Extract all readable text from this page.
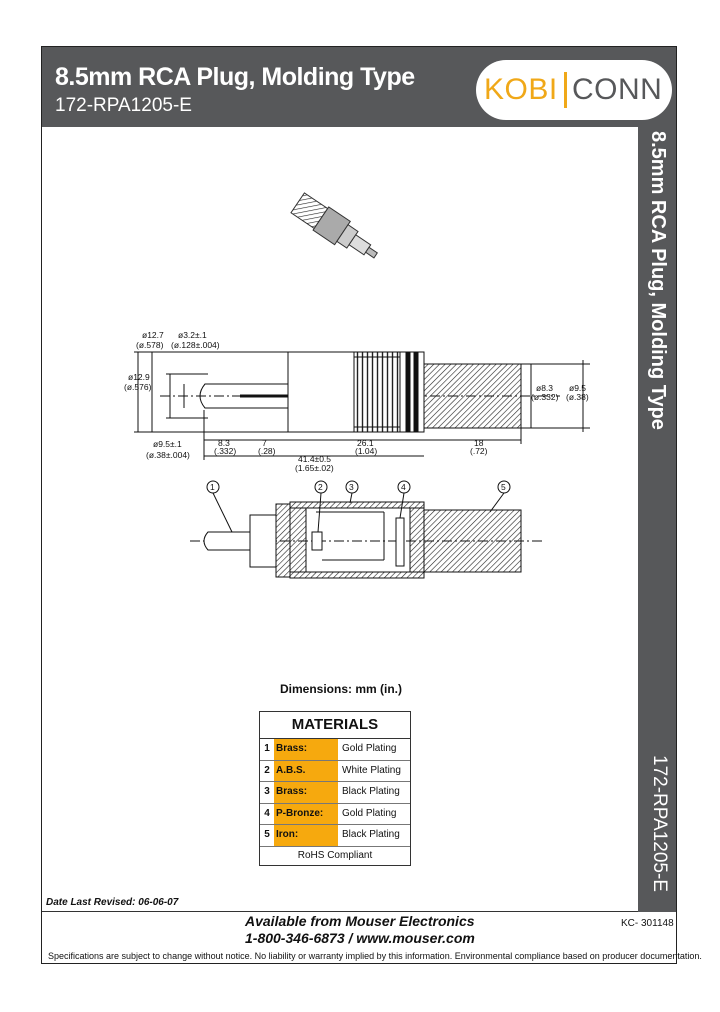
8.5mm RCA Plug, Molding Type
172-RPA1205-E	KOBI CONN
8.5mm RCA Plug, Molding Type
172-RPA1205-E
ø12.7
(ø.578)
ø3.2±.1
(ø.128±.004)
ø12.9
(ø.576)
ø9.5±.1
(ø.38±.004)
8.3
(.332)
7
(.28)
26.1
(1.04)
18
(.72)
41.4±0.5
(1.65±.02)
ø8.3
(ø.332)
ø9.5
(ø.38)
1	2	3	4	5
Dimensions: mm (in.)
MATERIALS
1 Brass:	Gold Plating
2 A.B.S.	White Plating
3 Brass:	Black Plating
4 P-Bronze:	Gold Plating
5 Iron:	Black Plating
RoHS Compliant
Date Last Revised: 06-06-07
Available from Mouser Electronics
1-800-346-6873 / www.mouser.com
KC- 301148
Specifications are subject to change without notice. No liability or warranty implied by this information. Environmental compliance based on producer documentation.
